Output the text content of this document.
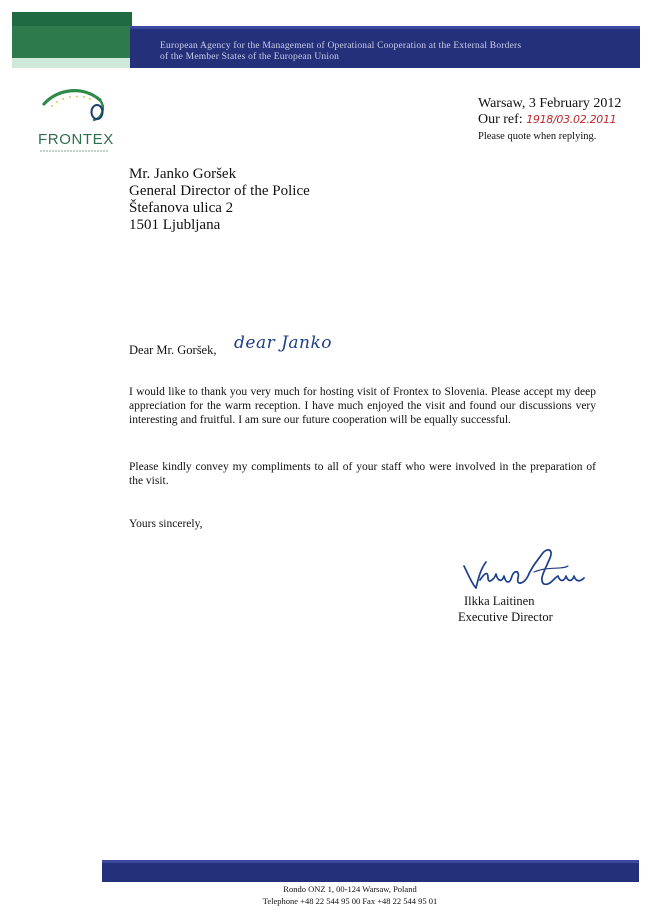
European Agency for the Management of Operational Cooperation at the External Borders
of the Member States of the European Union
FRONTEX
Warsaw, 3 February 2012
Our ref: 1918/03.02.2011
Please quote when replying.
Mr. Janko Goršek
General Director of the Police
Štefanova ulica 2
1501 Ljubljana
Dear Mr. Goršek, dear Janko
I would like to thank you very much for hosting visit of Frontex to Slovenia. Please accept my deep appreciation for the warm reception. I have much enjoyed the visit and found our discussions very interesting and fruitful. I am sure our future cooperation will be equally successful.
Please kindly convey my compliments to all of your staff who were involved in the preparation of the visit.
Yours sincerely,
Ilkka Laitinen
Executive Director
Rondo ONZ 1, 00-124 Warsaw, Poland
Telephone +48 22 544 95 00 Fax +48 22 544 95 01
